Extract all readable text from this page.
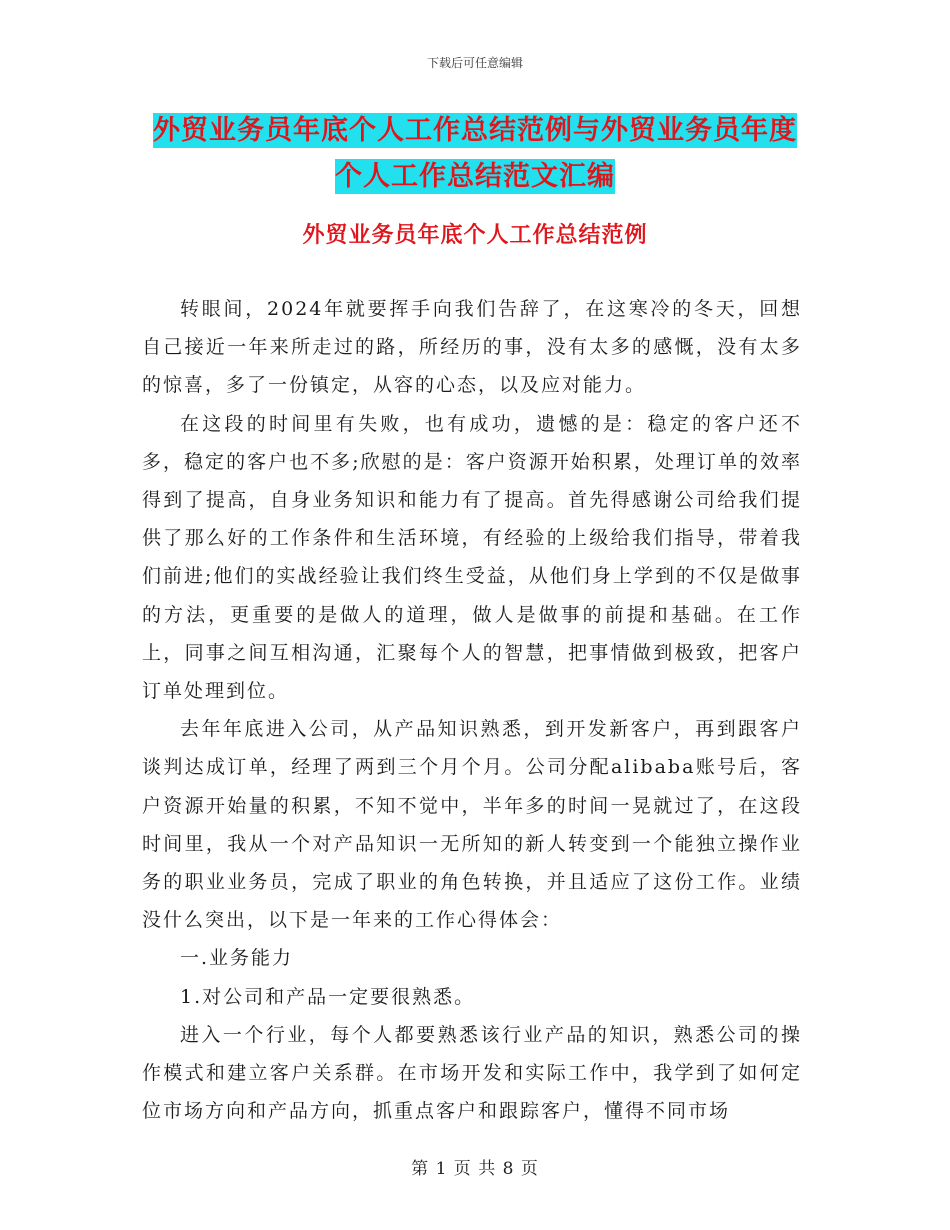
下载后可任意编辑
外贸业务员年底个人工作总结范例与外贸业务员年度
个人工作总结范文汇编
外贸业务员年底个人工作总结范例

转眼间，2024年就要挥手向我们告辞了，在这寒冷的冬天，回想自己接近一年来所走过的路，所经历的事，没有太多的感慨，没有太多的惊喜，多了一份镇定，从容的心态，以及应对能力。

在这段的时间里有失败，也有成功，遗憾的是：稳定的客户还不多，稳定的客户也不多;欣慰的是：客户资源开始积累，处理订单的效率得到了提高，自身业务知识和能力有了提高。首先得感谢公司给我们提供了那么好的工作条件和生活环境，有经验的上级给我们指导，带着我们前进;他们的实战经验让我们终生受益，从他们身上学到的不仅是做事的方法，更重要的是做人的道理，做人是做事的前提和基础。在工作上，同事之间互相沟通，汇聚每个人的智慧，把事情做到极致，把客户订单处理到位。

去年年底进入公司，从产品知识熟悉，到开发新客户，再到跟客户谈判达成订单，经理了两到三个月个月。公司分配alibaba账号后，客户资源开始量的积累，不知不觉中，半年多的时间一晃就过了，在这段时间里，我从一个对产品知识一无所知的新人转变到一个能独立操作业务的职业业务员，完成了职业的角色转换，并且适应了这份工作。业绩没什么突出，以下是一年来的工作心得体会：

一.业务能力

1.对公司和产品一定要很熟悉。

进入一个行业，每个人都要熟悉该行业产品的知识，熟悉公司的操作模式和建立客户关系群。在市场开发和实际工作中，我学到了如何定位市场方向和产品方向，抓重点客户和跟踪客户，懂得不同市场

第 1 页 共 8 页
